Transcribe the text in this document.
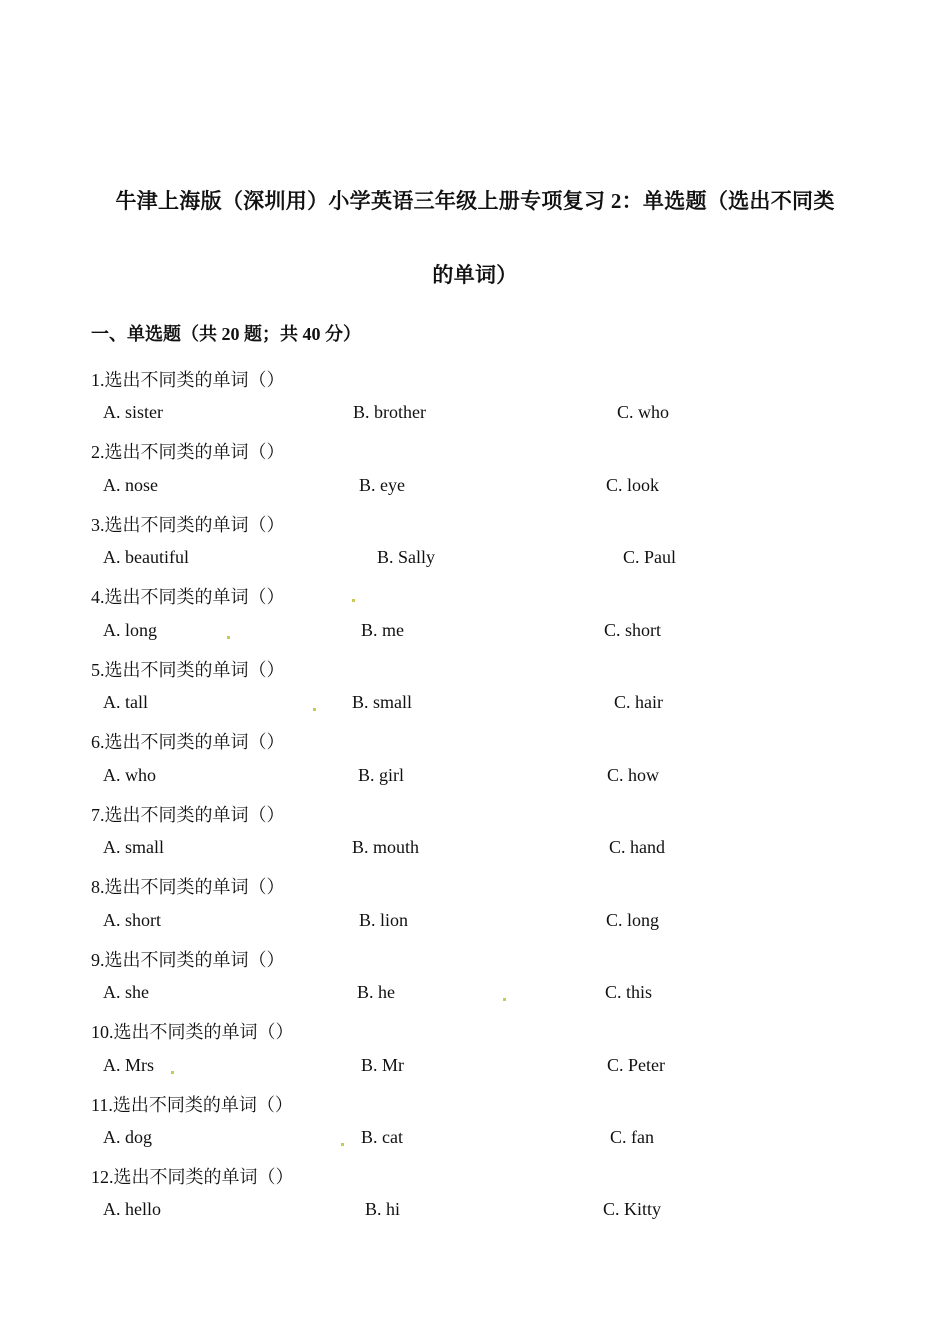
牛津上海版（深圳用）小学英语三年级上册专项复习 2：单选题（选出不同类
的单词）
一、单选题（共 20 题；共 40 分）
1.选出不同类的单词（）
A. sister	B. brother	C. who
2.选出不同类的单词（）
A. nose	B. eye	C. look
3.选出不同类的单词（）
A. beautiful	B. Sally	C. Paul
4.选出不同类的单词（）
A. long	B. me	C. short
5.选出不同类的单词（）
A. tall	B. small	C. hair
6.选出不同类的单词（）
A. who	B. girl	C. how
7.选出不同类的单词（）
A. small	B. mouth	C. hand
8.选出不同类的单词（）
A. short	B. lion	C. long
9.选出不同类的单词（）
A. she	B. he	C. this
10.选出不同类的单词（）
A. Mrs	B. Mr	C. Peter
11.选出不同类的单词（）
A. dog	B. cat	C. fan
12.选出不同类的单词（）
A. hello	B. hi	C. Kitty
